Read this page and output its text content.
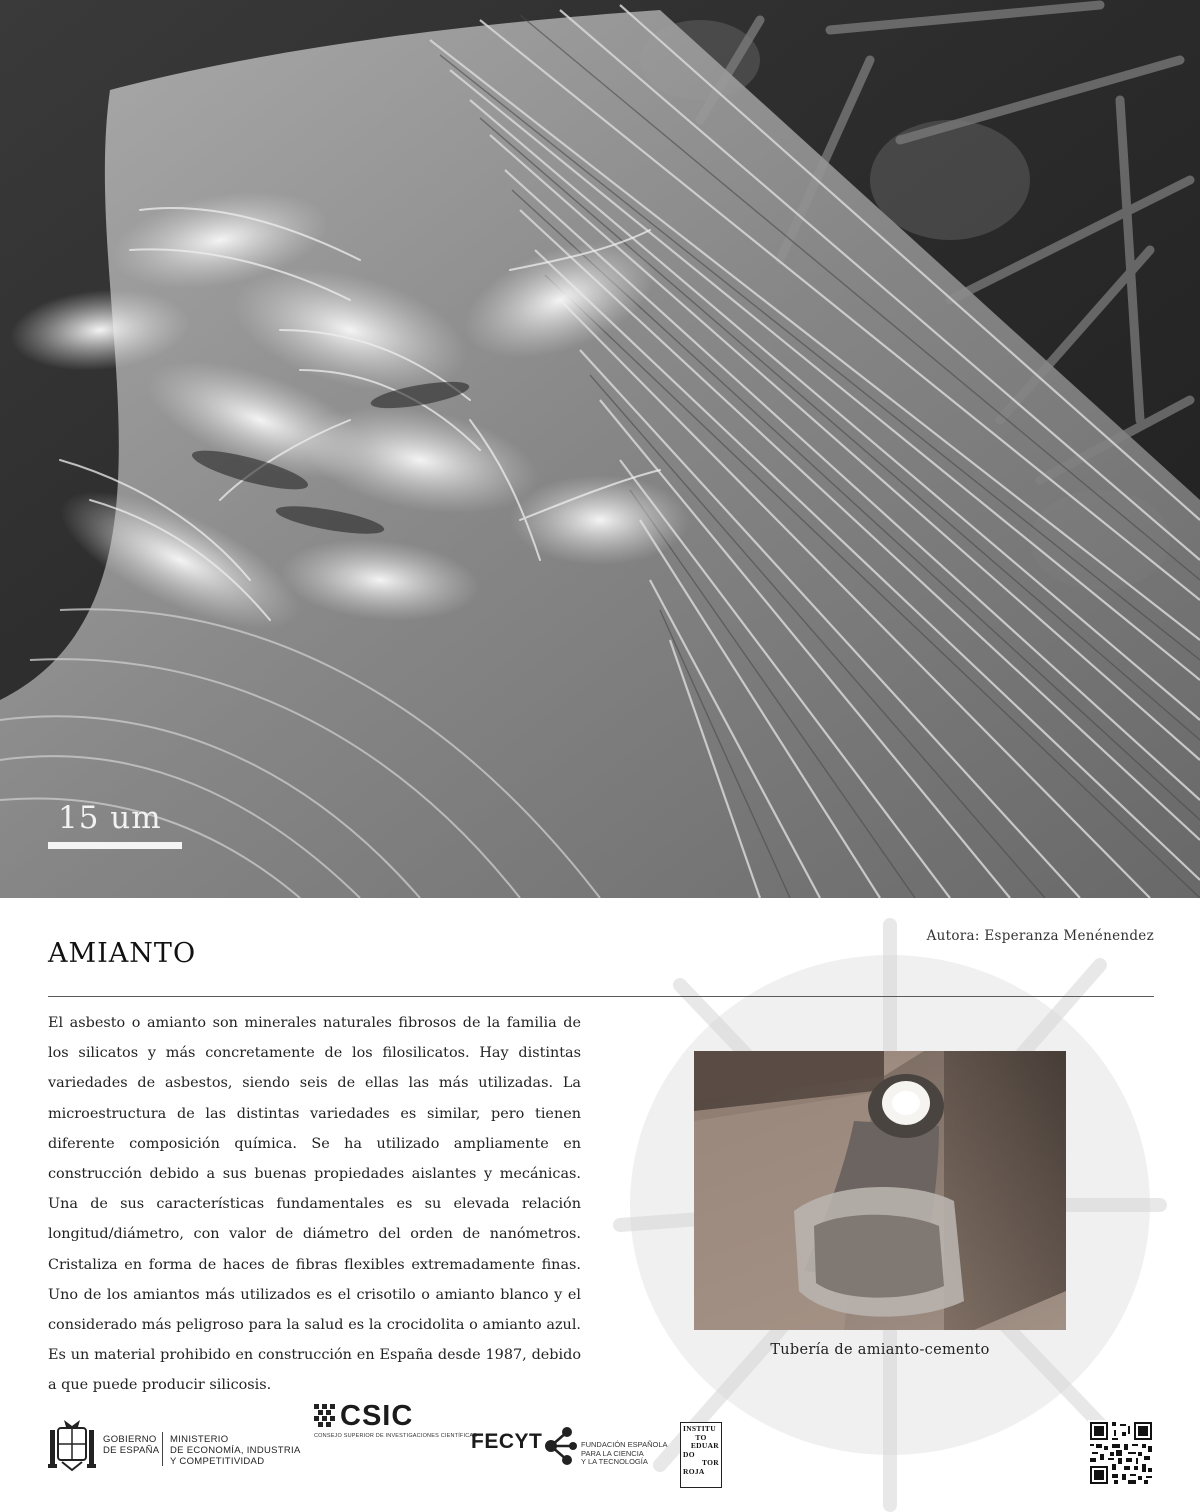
15 um
Autora: Esperanza Menénendez
AMIANTO

El asbesto o amianto son minerales naturales fibrosos de la familia de los silicatos y más concretamente de los filosilicatos. Hay distintas variedades de asbestos, siendo seis de ellas las más utilizadas. La microestructura de las distintas variedades es similar, pero tienen diferente composición química. Se ha utilizado ampliamente en construcción debido a sus buenas propiedades aislantes y mecánicas. Una de sus características fundamentales es su elevada relación longitud/diámetro, con valor de diámetro del orden de nanómetros. Cristaliza en forma de haces de fibras flexibles extremadamente finas. Uno de los amiantos más utilizados es el crisotilo o amianto blanco y el considerado más peligroso para la salud es la crocidolita o amianto azul. Es un material prohibido en construcción en España desde 1987, debido a que puede producir silicosis.

Tubería de amianto-cemento
GOBIERNO
DE ESPAÑA
MINISTERIO
DE ECONOMÍA, INDUSTRIA
Y COMPETITIVIDAD
CSIC
CONSEJO SUPERIOR DE INVESTIGACIONES CIENTÍFICAS
FECYT	FUNDACIÓN ESPAÑOLA
PARA LA CIENCIA
Y LA TECNOLOGÍA
INSTITU
TO
EDUAR
DO
TOR
ROJA
